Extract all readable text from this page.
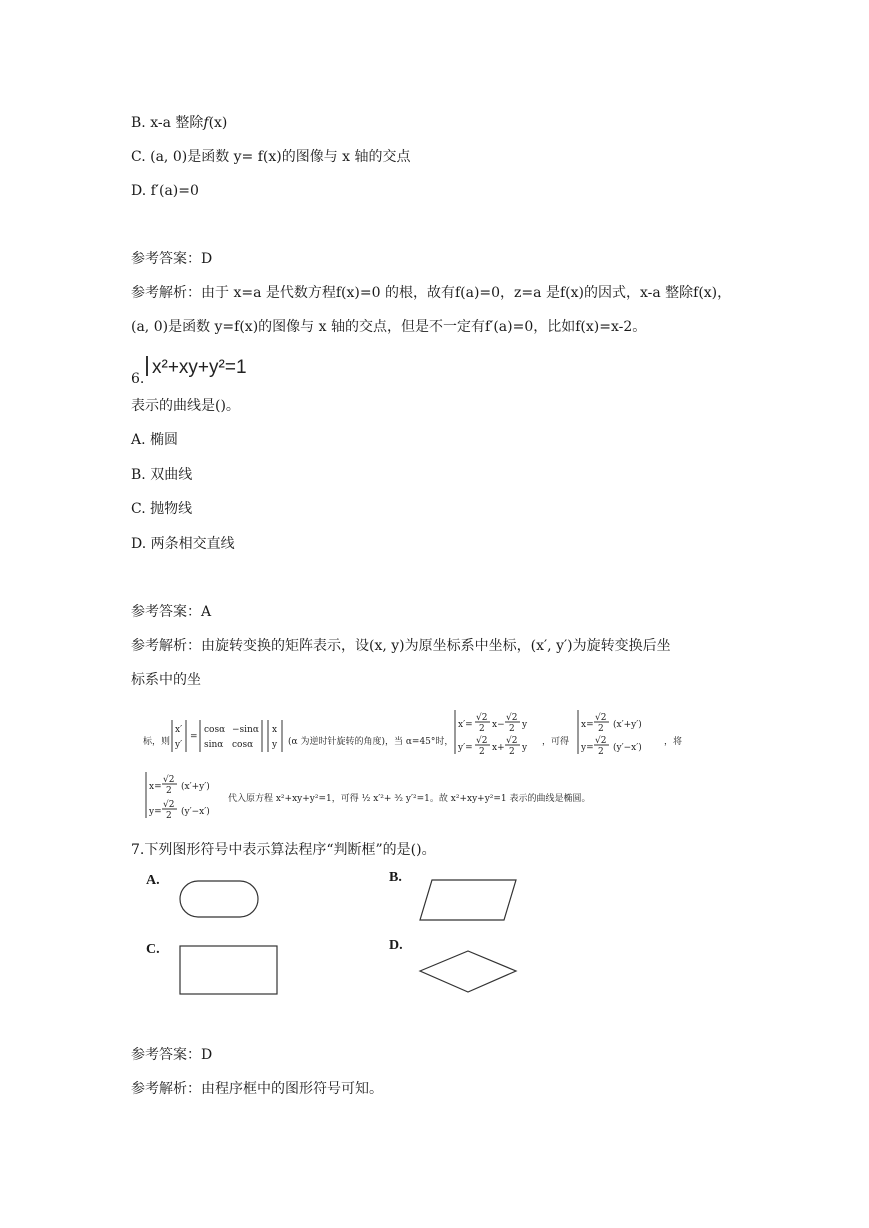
B. x-a 整除f(x)
C. (a, 0)是函数 y= f(x)的图像与 x 轴的交点
D. f′(a)=0
参考答案：D
参考解析：由于 x=a 是代数方程f(x)=0 的根，故有f(a)=0，z=a 是f(x)的因式，x-a 整除f(x)，
(a, 0)是函数 y=f(x)的图像与 x 轴的交点，但是不一定有f′(a)=0，比如f(x)=x-2。
x²+xy+y²=1
6.
表示的曲线是()。
A. 椭圆
B. 双曲线
C. 抛物线
D. 两条相交直线
参考答案：A
参考解析：由旋转变换的矩阵表示，设(x, y)为原坐标系中坐标，(x′, y′)为旋转变换后坐
标系中的坐
标，则
x′
y′
=
cosα −sinα
sinα cosα
x
y (α 为逆时针旋转的角度)，当 α=45°时，
x′=
√2
2 x−
√2
2 y
y′=
√2
2 x+
√2
2 y
，可得
x=
√2
2 (x′+y′)
y=
√2
2 (y′−x′)
，将
x=
√2
2 (x′+y′)
y=
√2
2 (y′−x′)
代入原方程 x²+xy+y²=1，可得 ½ x′²+ ³⁄₂ y′²=1。故 x²+xy+y²=1 表示的曲线是椭圆。
7.下列图形符号中表示算法程序“判断框”的是()。
A.	B.
C.	D.
参考答案：D
参考解析：由程序框中的图形符号可知。
